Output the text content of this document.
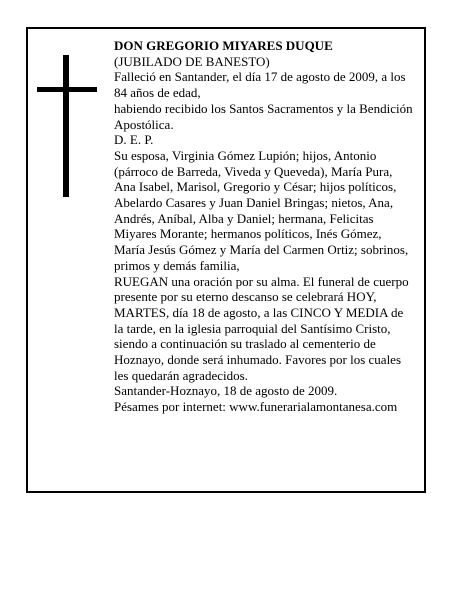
DON GREGORIO MIYARES DUQUE

(JUBILADO DE BANESTO)

Falleció en Santander, el día 17 de agosto de 2009, a los 84 años de edad,

habiendo recibido los Santos Sacramentos y la Bendición Apostólica.

D. E. P.

Su esposa, Virginia Gómez Lupión; hijos, Antonio (párroco de Barreda, Viveda y Queveda), María Pura, Ana Isabel, Marisol, Gregorio y César; hijos políticos, Abelardo Casares y Juan Daniel Bringas; nietos, Ana, Andrés, Aníbal, Alba y Daniel; hermana, Felicitas Miyares Morante; hermanos políticos, Inés Gómez, María Jesús Gómez y María del Carmen Ortiz; sobrinos, primos y demás familia,

RUEGAN una oración por su alma. El funeral de cuerpo presente por su eterno descanso se celebrará HOY, MARTES, día 18 de agosto, a las CINCO Y MEDIA de la tarde, en la iglesia parroquial del Santísimo Cristo, siendo a continuación su traslado al cementerio de Hoznayo, donde será inhumado. Favores por los cuales les quedarán agradecidos.

Santander-Hoznayo, 18 de agosto de 2009.

Pésames por internet: www.funerarialamontanesa.com
